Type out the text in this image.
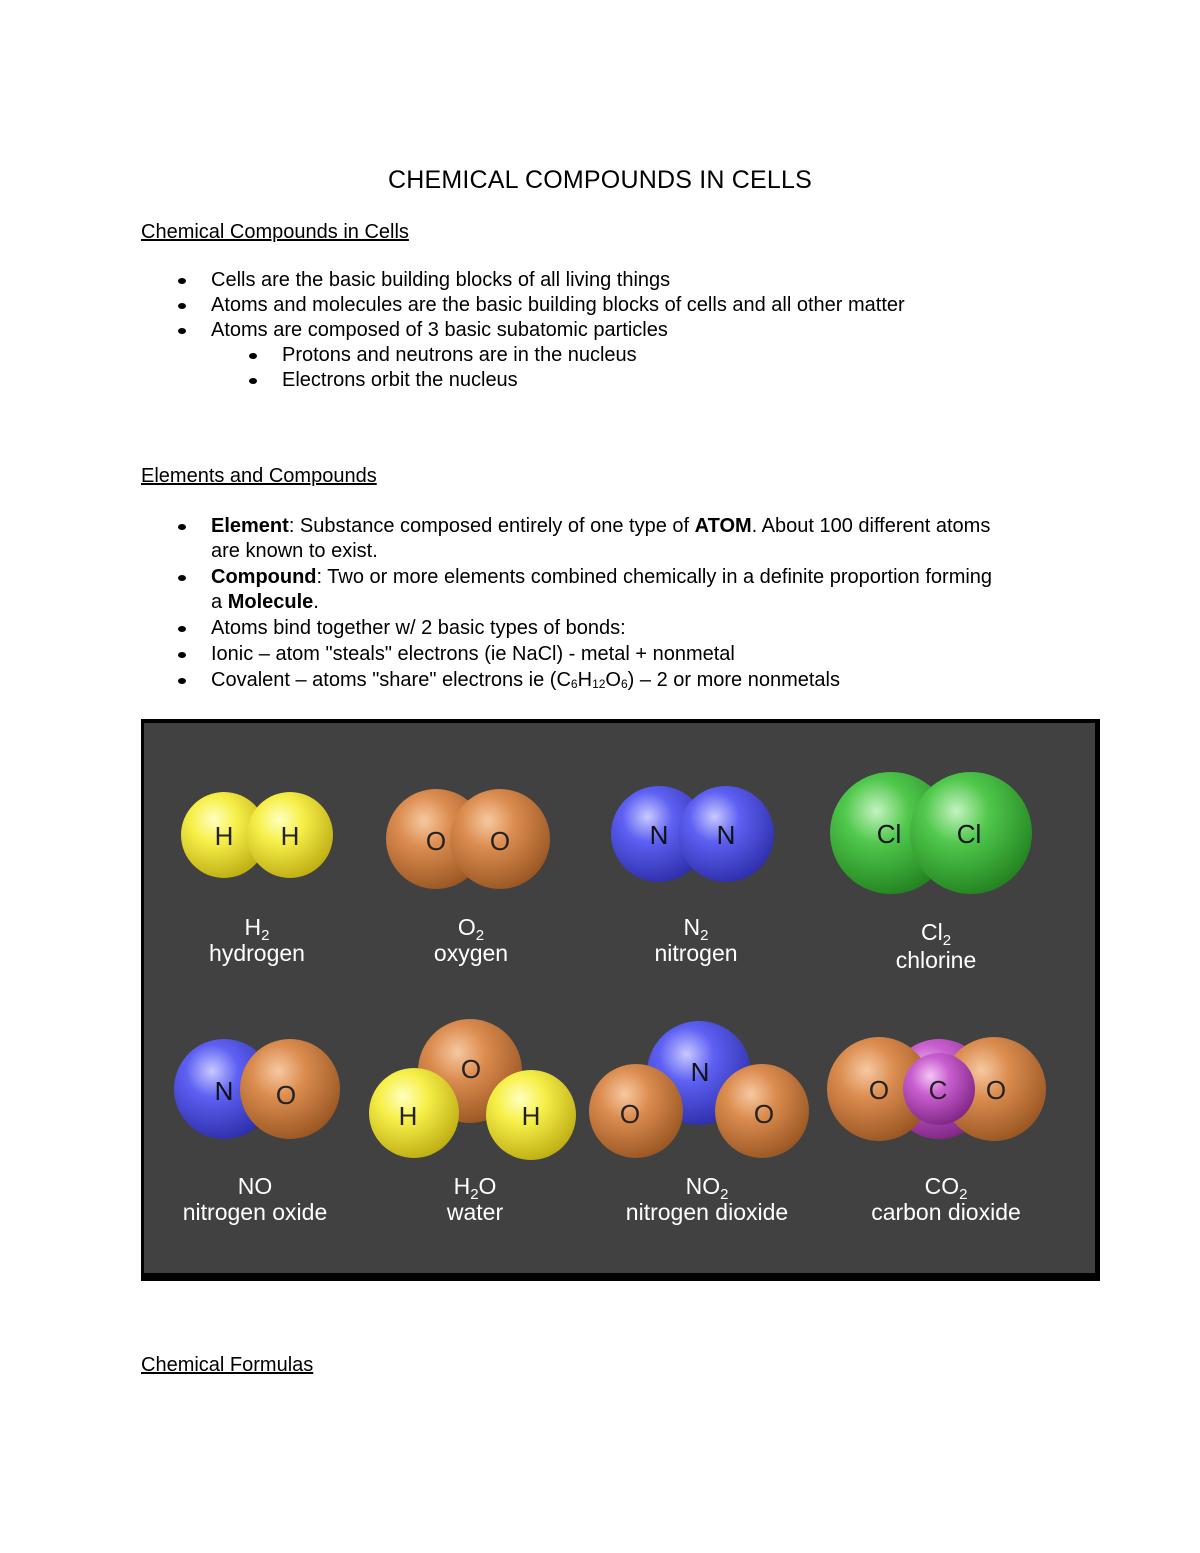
CHEMICAL COMPOUNDS IN CELLS
Chemical Compounds in Cells
Cells are the basic building blocks of all living things
Atoms and molecules are the basic building blocks of cells and all other matter
Atoms are composed of 3 basic subatomic particles
Protons and neutrons are in the nucleus
Electrons orbit the nucleus
Elements and Compounds
Element: Substance composed entirely of one type of ATOM. About 100 different atoms
are known to exist.
Compound: Two or more elements combined chemically in a definite proportion forming
a Molecule.
Atoms bind together w/ 2 basic types of bonds:
Ionic – atom "steals" electrons (ie NaCl) - metal + nonmetal
Covalent – atoms "share" electrons ie $(C_6H_{12}O_6) - 2$ or more nonmetals
H H
$H_2$
hydrogen
O O
$O_2$
oxygen
N N
$N_2$
nitrogen
Cl Cl
$Cl_2$
chlorine
N O
NO
nitrogen oxide
O
H	H
$H_2O$
water
N
O	O
$NO_2$
nitrogen dioxide
O C O
$CO_2$
carbon dioxide
Chemical Formulas
